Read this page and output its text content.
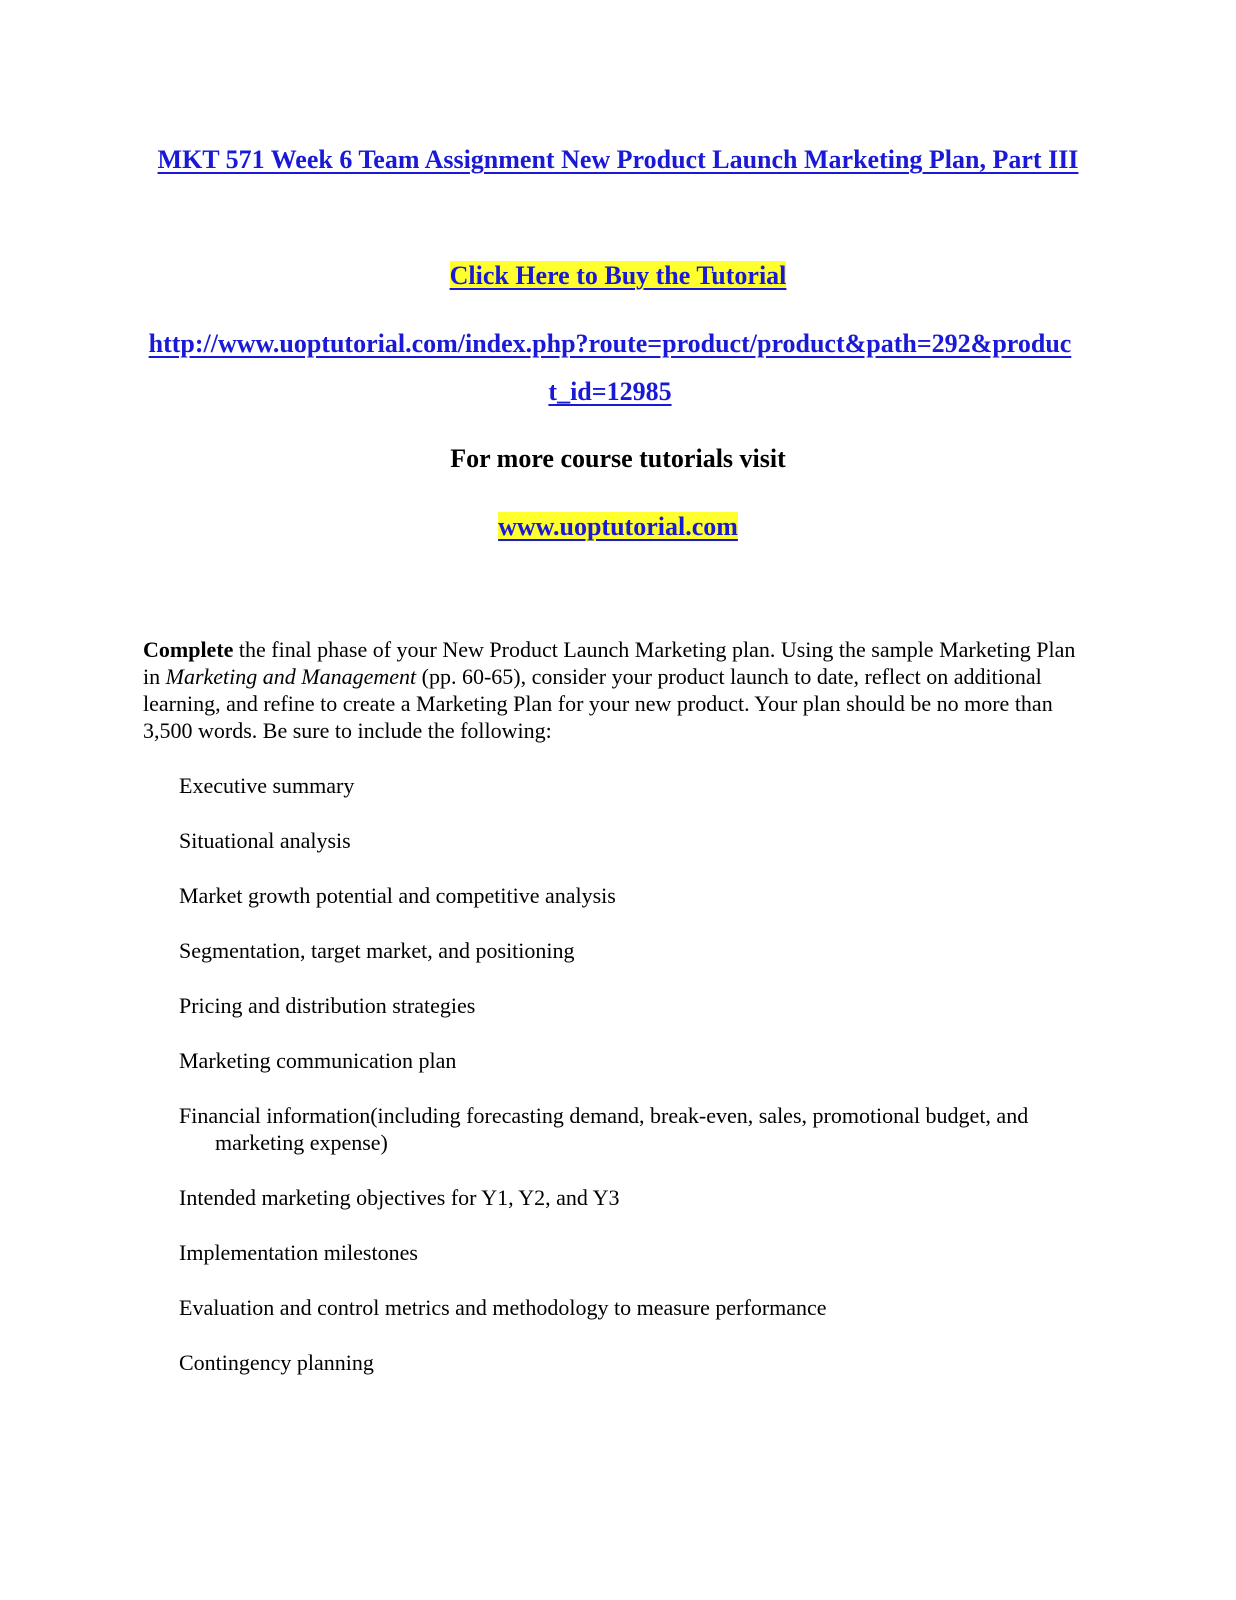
MKT 571 Week 6 Team Assignment New Product Launch Marketing Plan, Part III
Click Here to Buy the Tutorial
http://www.uoptutorial.com/index.php?route=product/product&path=292&product_id=12985
For more course tutorials visit
www.uoptutorial.com

Complete the final phase of your New Product Launch Marketing plan. Using the sample Marketing Plan in Marketing and Management (pp. 60-65), consider your product launch to date, reflect on additional learning, and refine to create a Marketing Plan for your new product. Your plan should be no more than 3,500 words. Be sure to include the following:

Executive summary
Situational analysis
Market growth potential and competitive analysis
Segmentation, target market, and positioning
Pricing and distribution strategies
Marketing communication plan
Financial information(including forecasting demand, break-even, sales, promotional budget, and marketing expense)
Intended marketing objectives for Y1, Y2, and Y3
Implementation milestones
Evaluation and control metrics and methodology to measure performance
Contingency planning
